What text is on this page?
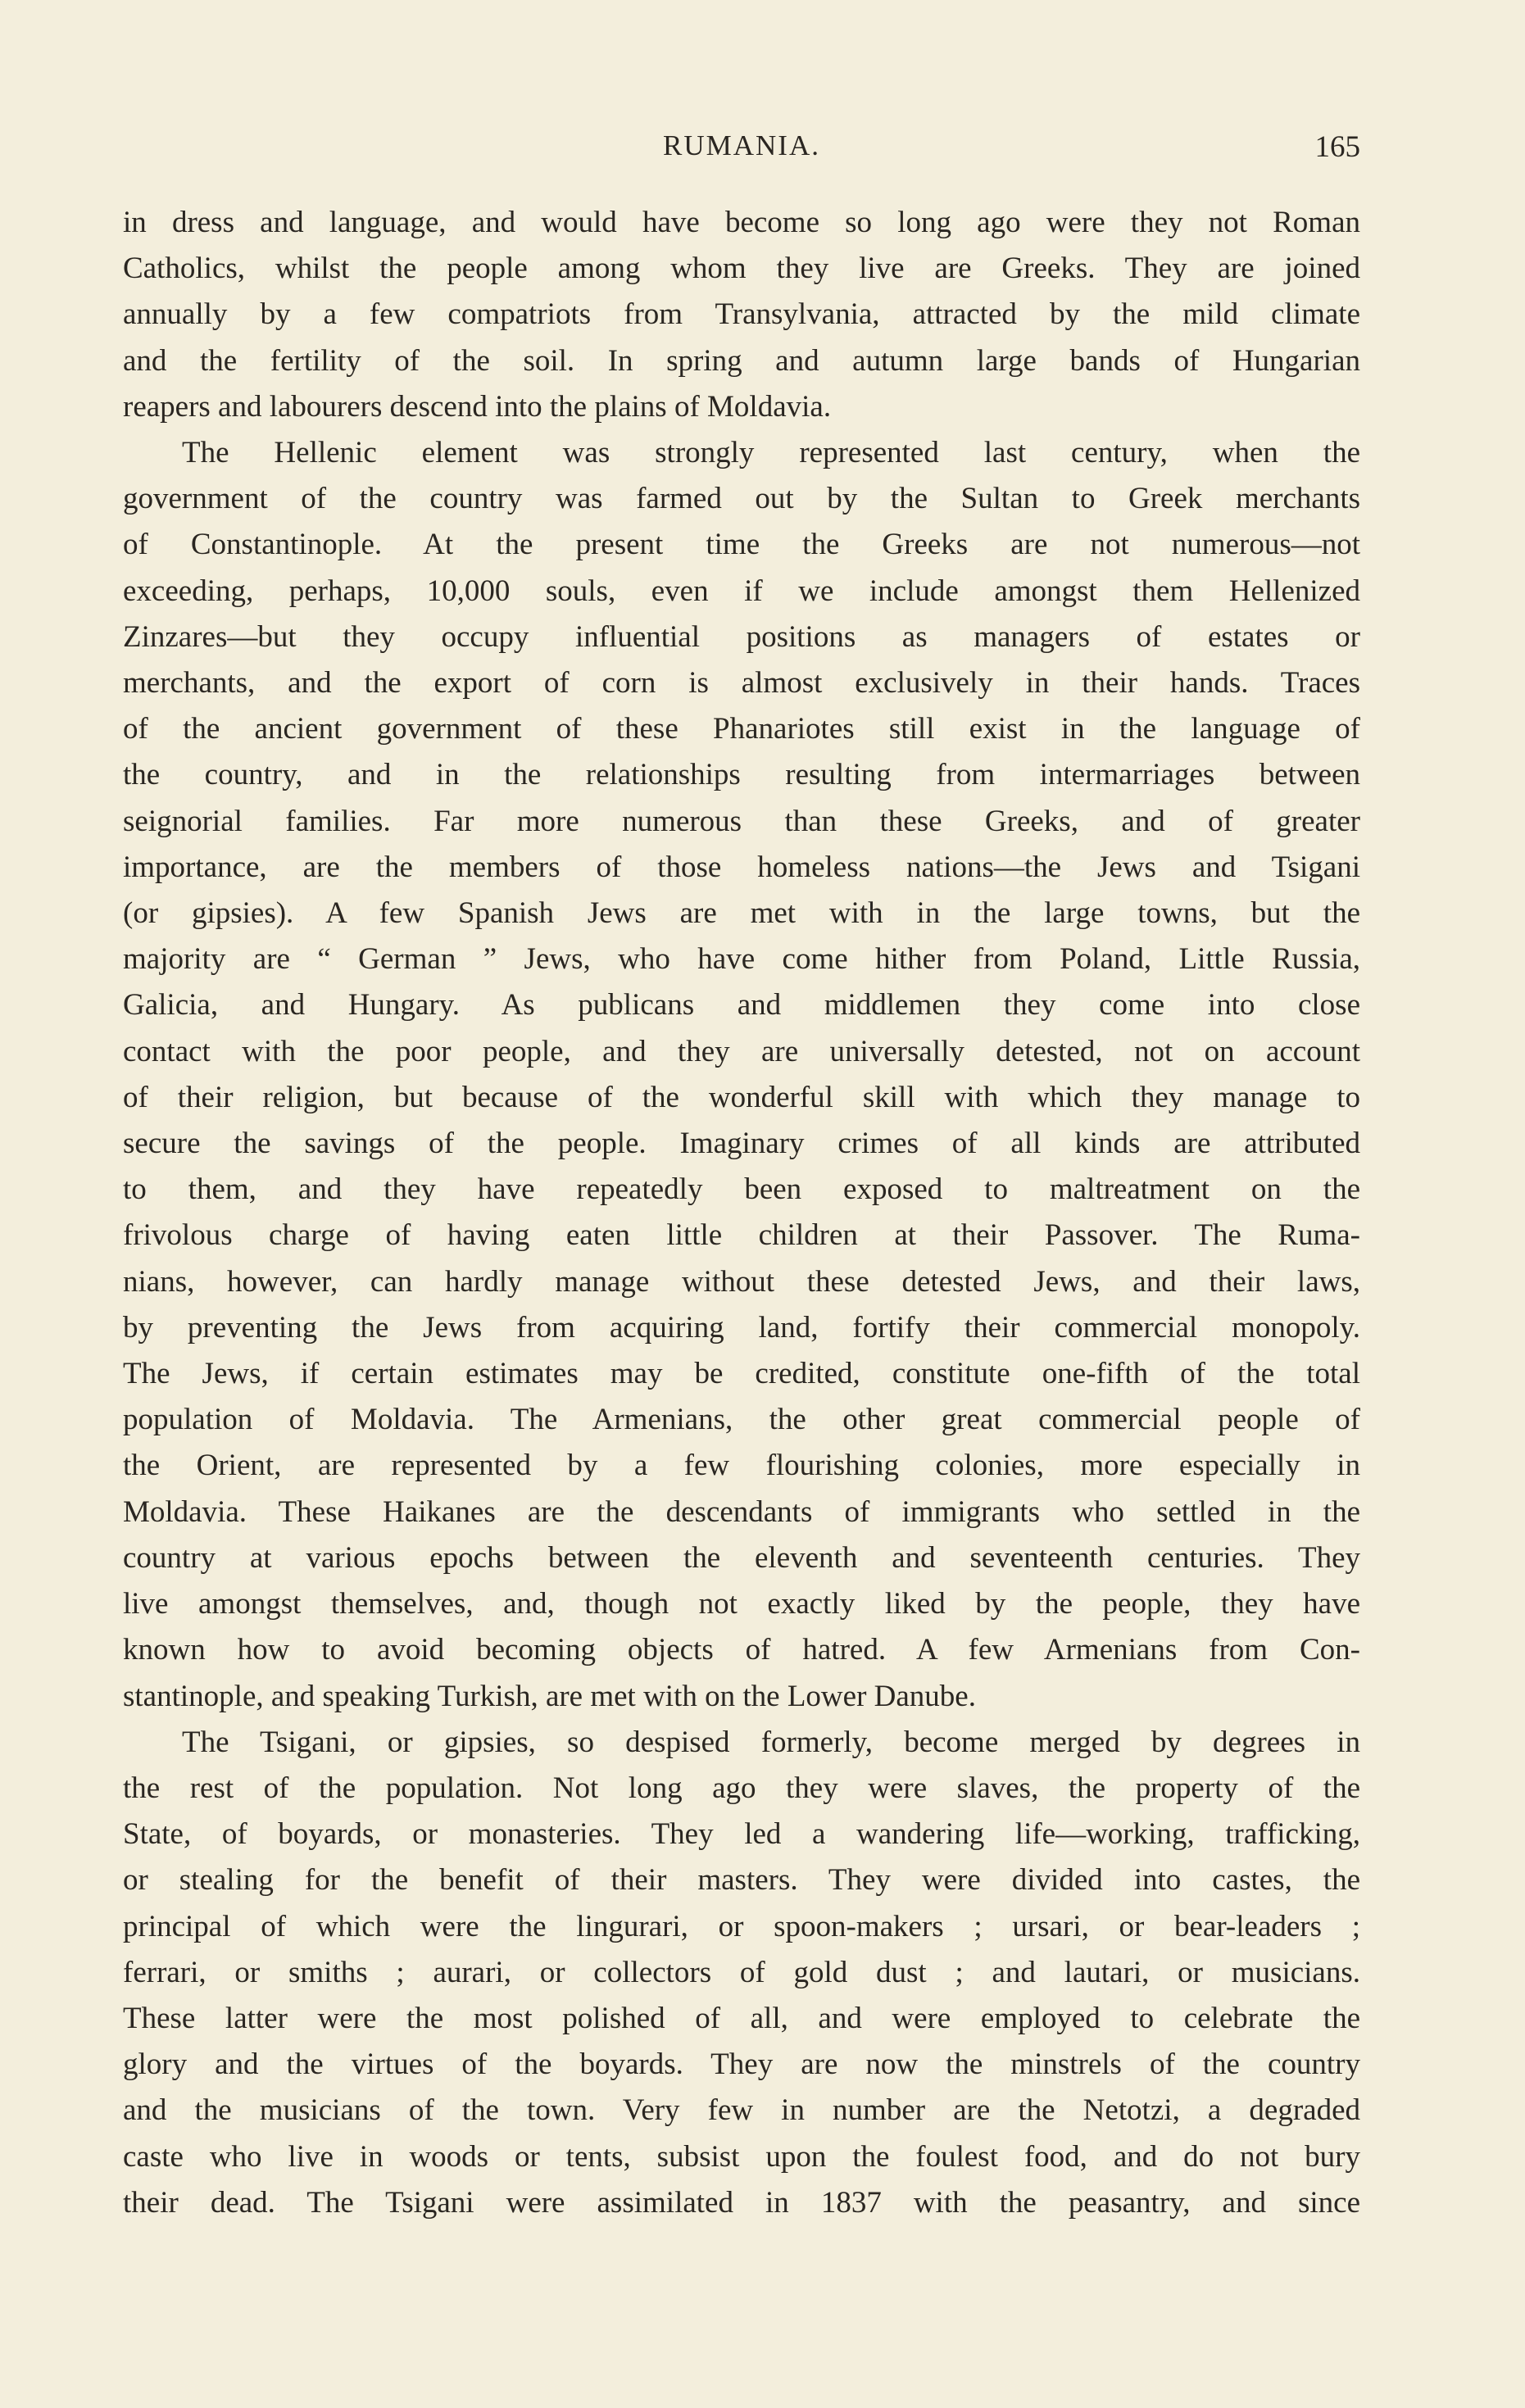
RUMANIA.	165
in dress and language, and would have become so long ago were they not Roman
Catholics, whilst the people among whom they live are Greeks. They are joined
annually by a few compatriots from Transylvania, attracted by the mild climate
and the fertility of the soil. In spring and autumn large bands of Hungarian
reapers and labourers descend into the plains of Moldavia.
The Hellenic element was strongly represented last century, when the
government of the country was farmed out by the Sultan to Greek merchants
of Constantinople. At the present time the Greeks are not numerous—not
exceeding, perhaps, 10,000 souls, even if we include amongst them Hellenized
Zinzares—but they occupy influential positions as managers of estates or
merchants, and the export of corn is almost exclusively in their hands. Traces
of the ancient government of these Phanariotes still exist in the language of
the country, and in the relationships resulting from intermarriages between
seignorial families. Far more numerous than these Greeks, and of greater
importance, are the members of those homeless nations—the Jews and Tsigani
(or gipsies). A few Spanish Jews are met with in the large towns, but the
majority are “ German ” Jews, who have come hither from Poland, Little Russia,
Galicia, and Hungary. As publicans and middlemen they come into close
contact with the poor people, and they are universally detested, not on account
of their religion, but because of the wonderful skill with which they manage to
secure the savings of the people. Imaginary crimes of all kinds are attributed
to them, and they have repeatedly been exposed to maltreatment on the
frivolous charge of having eaten little children at their Passover. The Ruma-
nians, however, can hardly manage without these detested Jews, and their laws,
by preventing the Jews from acquiring land, fortify their commercial monopoly.
The Jews, if certain estimates may be credited, constitute one-fifth of the total
population of Moldavia. The Armenians, the other great commercial people of
the Orient, are represented by a few flourishing colonies, more especially in
Moldavia. These Haikanes are the descendants of immigrants who settled in the
country at various epochs between the eleventh and seventeenth centuries. They
live amongst themselves, and, though not exactly liked by the people, they have
known how to avoid becoming objects of hatred. A few Armenians from Con-
stantinople, and speaking Turkish, are met with on the Lower Danube.
The Tsigani, or gipsies, so despised formerly, become merged by degrees in
the rest of the population. Not long ago they were slaves, the property of the
State, of boyards, or monasteries. They led a wandering life—working, trafficking,
or stealing for the benefit of their masters. They were divided into castes, the
principal of which were the lingurari, or spoon-makers ; ursari, or bear-leaders ;
ferrari, or smiths ; aurari, or collectors of gold dust ; and lautari, or musicians.
These latter were the most polished of all, and were employed to celebrate the
glory and the virtues of the boyards. They are now the minstrels of the country
and the musicians of the town. Very few in number are the Netotzi, a degraded
caste who live in woods or tents, subsist upon the foulest food, and do not bury
their dead. The Tsigani were assimilated in 1837 with the peasantry, and since
